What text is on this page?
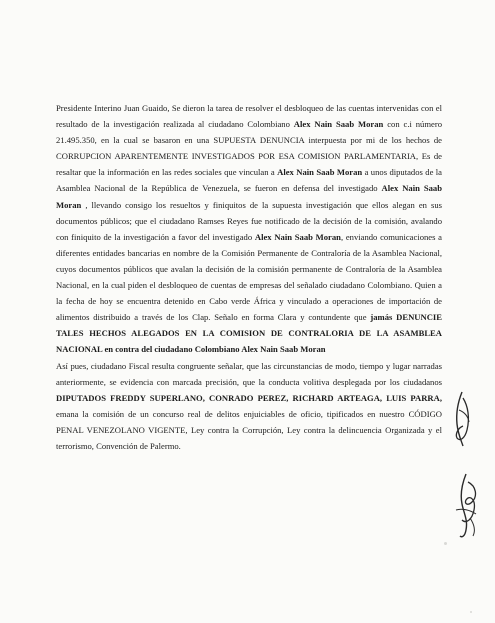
Presidente Interino Juan Guaido, Se dieron la tarea de resolver el desbloqueo de las cuentas intervenidas con el resultado de la investigación realizada al ciudadano Colombiano Alex Nain Saab Moran con c.i número 21.495.350, en la cual se basaron en una SUPUESTA DENUNCIA interpuesta por mi de los hechos de CORRUPCION APARENTEMENTE INVESTIGADOS POR ESA COMISION PARLAMENTARIA, Es de resaltar que la información en las redes sociales que vinculan a Alex Nain Saab Moran a unos diputados de la Asamblea Nacional de la República de Venezuela, se fueron en defensa del investigado Alex Nain Saab Moran , llevando consigo los resueltos y finiquitos de la supuesta investigación que ellos alegan en sus documentos públicos; que el ciudadano Ramses Reyes fue notificado de la decisión de la comisión, avalando con finiquito de la investigación a favor del investigado Alex Nain Saab Moran, enviando comunicaciones a diferentes entidades bancarias en nombre de la Comisión Permanente de Contraloría de la Asamblea Nacional, cuyos documentos públicos que avalan la decisión de la comisión permanente de Contraloría de la Asamblea Nacional, en la cual piden el desbloqueo de cuentas de empresas del señalado ciudadano Colombiano. Quien a la fecha de hoy se encuentra detenido en Cabo verde África y vinculado a operaciones de importación de alimentos distribuido a través de los Clap. Señalo en forma Clara y contundente que jamás DENUNCIE TALES HECHOS ALEGADOS EN LA COMISION DE CONTRALORIA DE LA ASAMBLEA NACIONAL en contra del ciudadano Colombiano Alex Nain Saab Moran

Así pues, ciudadano Fiscal resulta congruente señalar, que las circunstancias de modo, tiempo y lugar narradas anteriormente, se evidencia con marcada precisión, que la conducta volitiva desplegada por los ciudadanos DIPUTADOS FREDDY SUPERLANO, CONRADO PEREZ, RICHARD ARTEAGA, LUIS PARRA, emana la comisión de un concurso real de delitos enjuiciables de oficio, tipificados en nuestro CÓDIGO PENAL VENEZOLANO VIGENTE, Ley contra la Corrupción, Ley contra la delincuencia Organizada y el terrorismo, Convención de Palermo.
